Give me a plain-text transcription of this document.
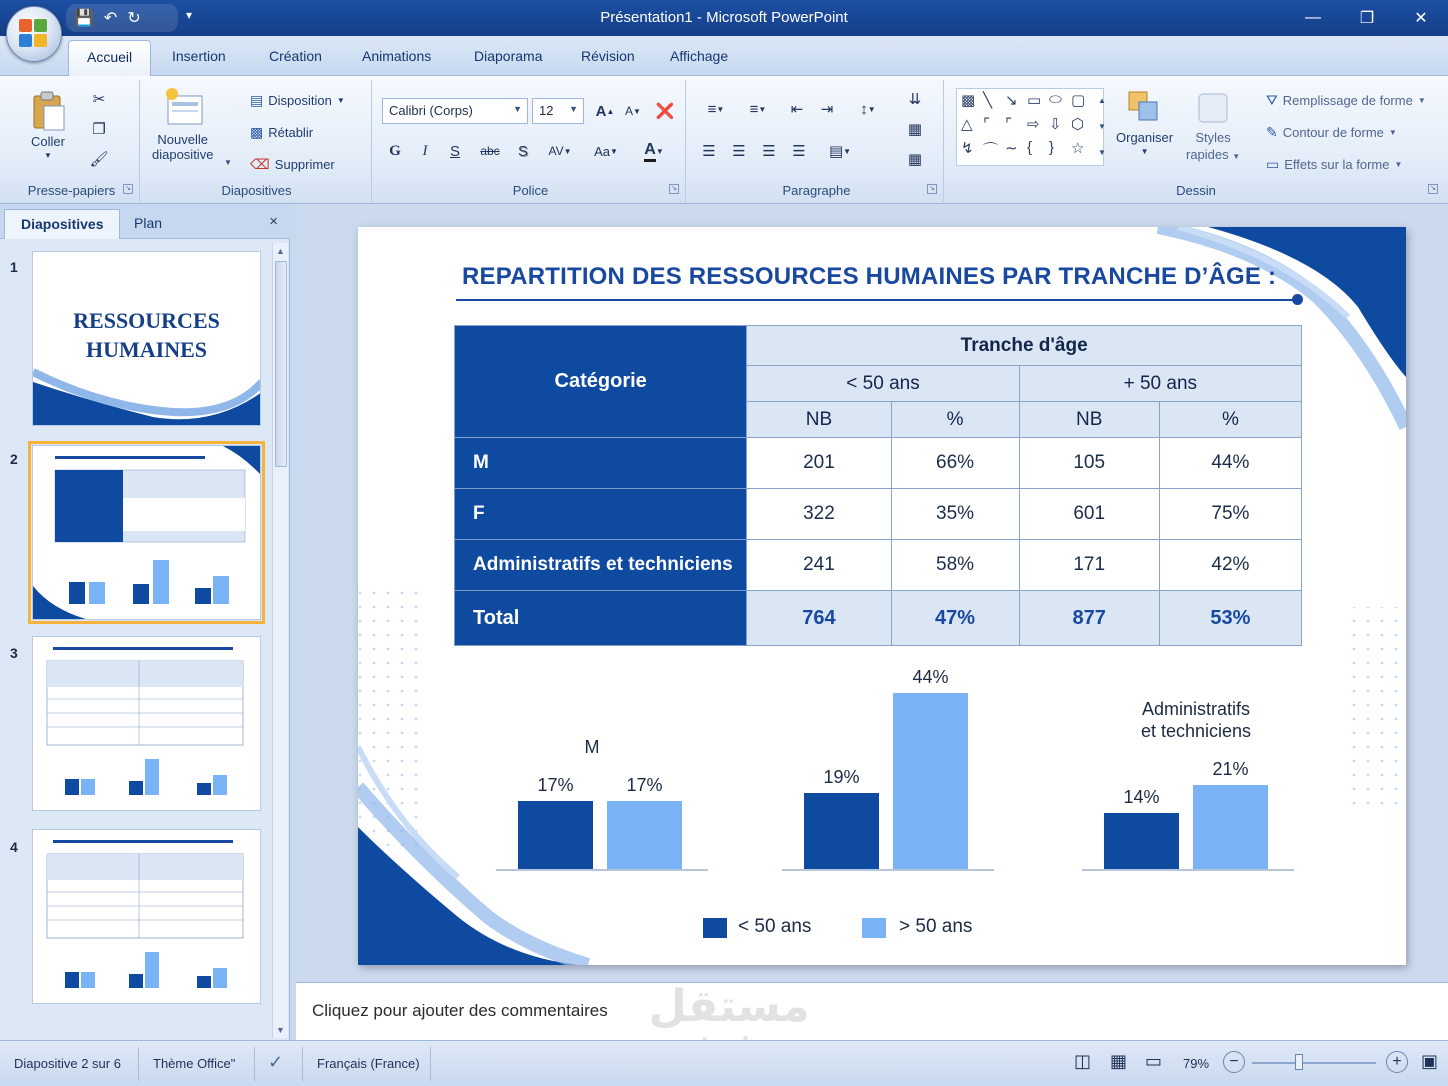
💾 ↶ ↻	▾	Présentation1 - Microsoft PowerPoint	—	❐	✕
Accueil	Insertion	Création	Animations	Diaporama	Révision	Affichage
Coller
▼
✂
❐
🖌
Presse-papiers	↘
Nouvelle
diapositive
▼
▤ Disposition ▼
▩ Rétablir
⌫ Supprimer
Diapositives
Calibri (Corps)	▼	12 ▼ A ▲ A ▼ ❌
G	I	S	abc	S	AV ▼ Aa ▼ A ▼
Police	↘
≡ ▼	≡ ▼	⇤	⇥	↕ ▼
⇊
▦
▦
☰	☰	☰	☰	▤ ▼
Paragraphe	↘
▩ ╲ ↘ ▭ ⬭ ▢
△ ⌜ ⌜ ⇨ ⇩ ⬡
↯ ⌒ ∼ { } ☆
▲
▼
▼
Organiser
▼
Styles
rapides ▼
⛛ Remplissage de forme ▼
✎ Contour de forme ▼
▭ Effets sur la forme ▼
Dessin	↘
Diapositives	Plan	×
1
RESSOURCES
HUMAINES
2
3
4
▲
▼
REPARTITION DES RESSOURCES HUMAINES PAR TRANCHE D’ÂGE :
Catégorie	Tranche d'âge			
	< 50 ans		+ 50 ans	
	NB	%	NB	%
M	201	66%	105	44%
F	322	35%	601	75%
Administratifs et techniciens	241	58%	171	42%
Total	764	47%	877	53%
17%	17%
M
19%
44%
14%
21%
Administratifs
et techniciens
< 50 ans	> 50 ans
Cliquez pour ajouter des commentaires مستقل
Diapositive 2 sur 6 Thème Office" ✓	Français (France)	◫ ▦ ▭ 79%	−	+	▣
